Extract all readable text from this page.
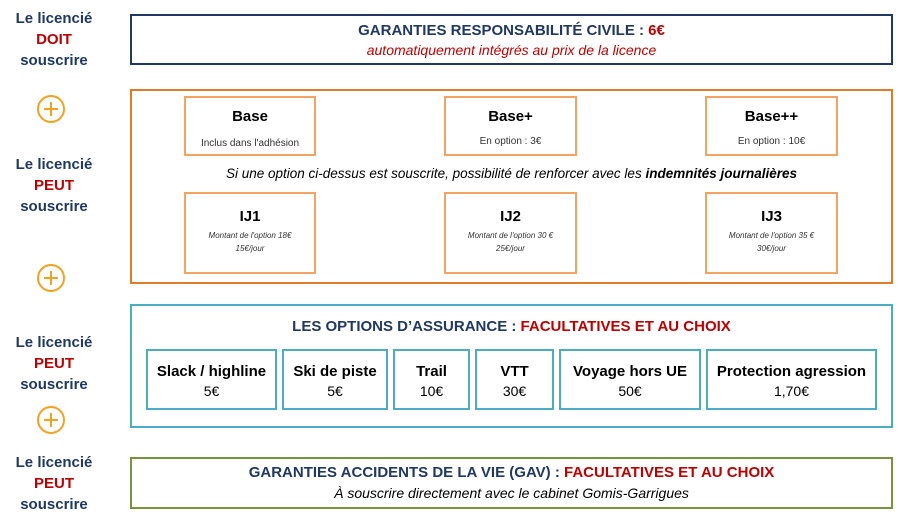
Le licencié
DOIT
souscrire
Le licencié
PEUT
souscrire
Le licencié
PEUT
souscrire
Le licencié
PEUT
souscrire
GARANTIES RESPONSABILITÉ CIVILE : 6€
automatiquement intégrés au prix de la licence
Base
Inclus dans l'adhésion
Base+
En option : 3€
Base++
En option : 10€
Si une option ci-dessus est souscrite, possibilité de renforcer avec les indemnités journalières
IJ1
Montant de l'option 18€
15€/jour
IJ2
Montant de l'option 30 €
25€/jour
IJ3
Montant de l'option 35 €
30€/jour
LES OPTIONS D’ASSURANCE : FACULTATIVES ET AU CHOIX
Slack / highline
5€
Ski de piste
5€
Trail
10€
VTT
30€
Voyage hors UE
50€
Protection agression
1,70€
GARANTIES ACCIDENTS DE LA VIE (GAV) : FACULTATIVES ET AU CHOIX
À souscrire directement avec le cabinet Gomis-Garrigues
